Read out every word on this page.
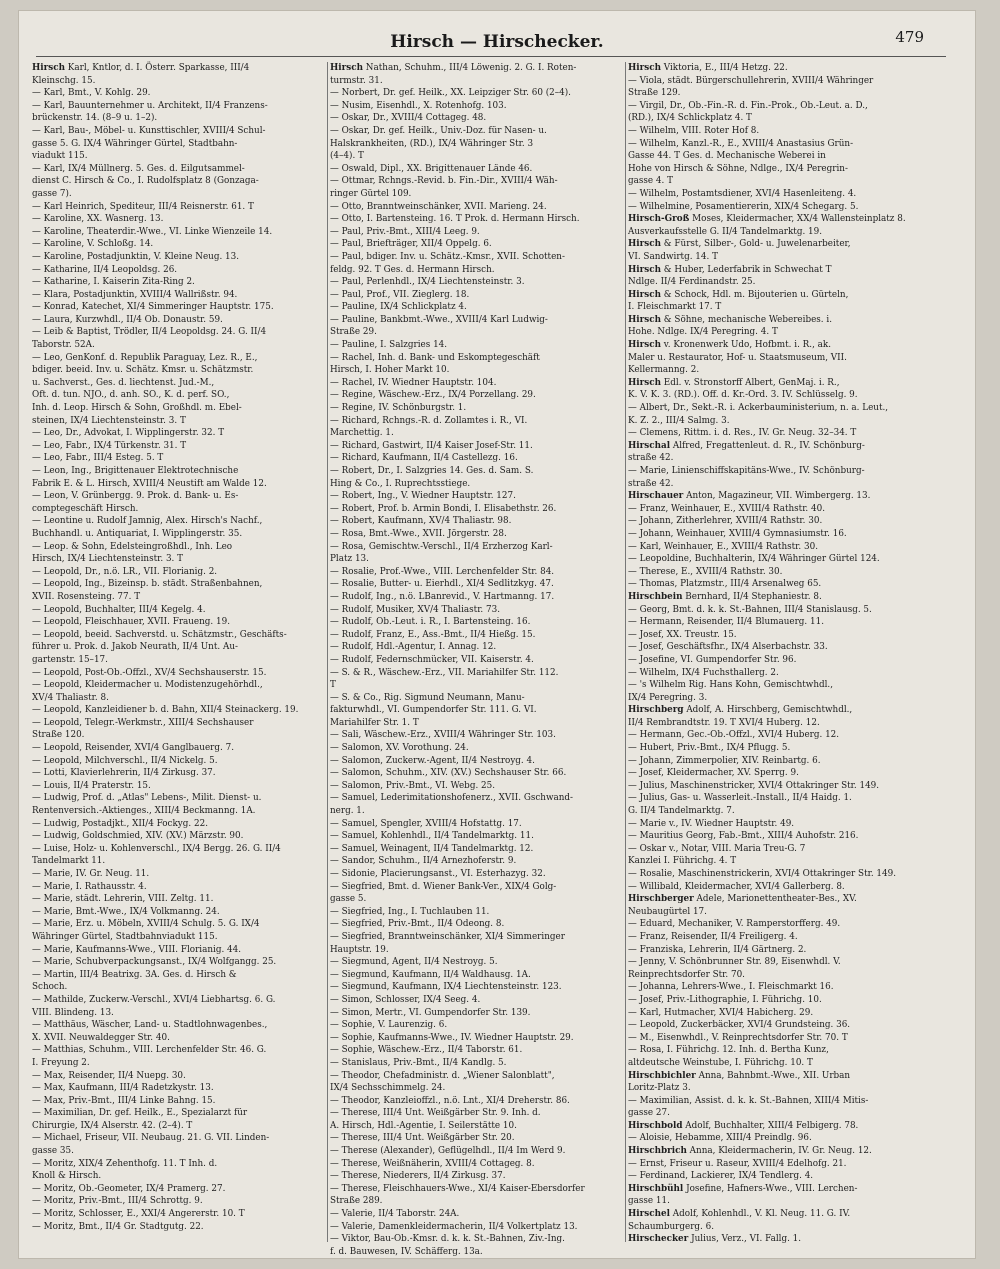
Hirsch — Hirschecker.	479

Hirsch Karl, Kntlor, d. I. Österr. Sparkasse, III/4

Kleinschg. 15.

— Karl, Bmt., V. Kohlg. 29.

— Karl, Bauunternehmer u. Architekt, II/4 Franzens-

brückenstr. 14. (8–9 u. 1–2).

— Karl, Bau-, Möbel- u. Kunsttischler, XVIII/4 Schul-

gasse 5. G. IX/4 Währinger Gürtel, Stadtbahn-

viadukt 115.

— Karl, IX/4 Müllnerg. 5. Ges. d. Eilgutsammel-

dienst C. Hirsch & Co., I. Rudolfsplatz 8 (Gonzaga-

gasse 7).

— Karl Heinrich, Spediteur, III/4 Reisnerstr. 61. T

— Karoline, XX. Wasnerg. 13.

— Karoline, Theaterdir.-Wwe., VI. Linke Wienzeile 14.

— Karoline, V. Schloßg. 14.

— Karoline, Postadjunktin, V. Kleine Neug. 13.

— Katharine, II/4 Leopoldsg. 26.

— Katharine, I. Kaiserin Zita-Ring 2.

— Klara, Postadjunktin, XVIII/4 Wallrißstr. 94.

— Konrad, Katechet, XI/4 Simmeringer Hauptstr. 175.

— Laura, Kurzwhdl., II/4 Ob. Donaustr. 59.

— Leib & Baptist, Trödler, II/4 Leopoldsg. 24. G. II/4

Taborstr. 52A.

— Leo, GenKonf. d. Republik Paraguay, Lez. R., E.,

bdiger. beeid. Inv. u. Schätz. Kmsr. u. Schätzmstr.

u. Sachverst., Ges. d. liechtenst. Jud.-M.,

Oft. d. tun. NJO., d. anh. SO., K. d. perf. SO.,

Inh. d. Leop. Hirsch & Sohn, Großhdl. m. Ebel-

steinen, IX/4 Liechtensteinstr. 3. T

— Leo, Dr., Advokat, I. Wipplingerstr. 32. T

— Leo, Fabr., IX/4 Türkenstr. 31. T

— Leo, Fabr., III/4 Esteg. 5. T

— Leon, Ing., Brigittenauer Elektrotechnische

Fabrik E. & L. Hirsch, XVIII/4 Neustift am Walde 12.

— Leon, V. Grünbergg. 9. Prok. d. Bank- u. Es-

comptegeschäft Hirsch.

— Leontine u. Rudolf Jamnig, Alex. Hirsch's Nachf.,

Buchhandl. u. Antiquariat, I. Wipplingerstr. 35.

— Leop. & Sohn, Edelsteingroßhdl., Inh. Leo

Hirsch, IX/4 Liechtensteinstr. 3. T

— Leopold, Dr., n.ö. LR., VII. Florianig. 2.

— Leopold, Ing., Bizeinsp. b. städt. Straßenbahnen,

XVII. Rosensteing. 77. T

— Leopold, Buchhalter, III/4 Kegelg. 4.

— Leopold, Fleischhauer, XVII. Fraueng. 19.

— Leopold, beeid. Sachverstd. u. Schätzmstr., Geschäfts-

führer u. Prok. d. Jakob Neurath, II/4 Unt. Au-

gartenstr. 15–17.

— Leopold, Post-Ob.-Offzl., XV/4 Sechshauserstr. 15.

— Leopold, Kleidermacher u. Modistenzugehörhdl.,

XV/4 Thaliastr. 8.

— Leopold, Kanzleidiener b. d. Bahn, XII/4 Steinackerg. 19.

— Leopold, Telegr.-Werkmstr., XIII/4 Sechshauser

Straße 120.

— Leopold, Reisender, XVI/4 Ganglbauerg. 7.

— Leopold, Milchverschl., II/4 Nickelg. 5.

— Lotti, Klavierlehrerin, II/4 Zirkusg. 37.

— Louis, II/4 Praterstr. 15.

— Ludwig, Prof. d. „Atlas" Lebens-, Milit. Dienst- u.

Rentenversich.-Aktienges., XIII/4 Beckmanng. 1A.

— Ludwig, Postadjkt., XII/4 Fockyg. 22.

— Ludwig, Goldschmied, XIV. (XV.) Märzstr. 90.

— Luise, Holz- u. Kohlenverschl., IX/4 Bergg. 26. G. II/4

Tandelmarkt 11.

— Marie, IV. Gr. Neug. 11.

— Marie, I. Rathausstr. 4.

— Marie, städt. Lehrerin, VIII. Zeltg. 11.

— Marie, Bmt.-Wwe., IX/4 Volkmanng. 24.

— Marie, Erz. u. Möbeln, XVIII/4 Schulg. 5. G. IX/4

Währinger Gürtel, Stadtbahnviadukt 115.

— Marie, Kaufmanns-Wwe., VIII. Florianig. 44.

— Marie, Schubverpackungsanst., IX/4 Wolfgangg. 25.

— Martin, III/4 Beatrixg. 3A. Ges. d. Hirsch &

Schoch.

— Mathilde, Zuckerw.-Verschl., XVI/4 Liebhartsg. 6. G.

VIII. Blindeng. 13.

— Matthäus, Wäscher, Land- u. Stadtlohnwagenbes.,

X. XVII. Neuwaldegger Str. 40.

— Matthias, Schuhm., VIII. Lerchenfelder Str. 46. G.

I. Freyung 2.

— Max, Reisender, II/4 Nuepg. 30.

— Max, Kaufmann, III/4 Radetzkystr. 13.

— Max, Priv.-Bmt., III/4 Linke Bahng. 15.

— Maximilian, Dr. gef. Heilk., E., Spezialarzt für

Chirurgie, IX/4 Alserstr. 42. (2–4). T

— Michael, Friseur, VII. Neubaug. 21. G. VII. Linden-

gasse 35.

— Moritz, XIX/4 Zehenthofg. 11. T Inh. d.

Knoll & Hirsch.

— Moritz, Ob.-Geometer, IX/4 Pramerg. 27.

— Moritz, Priv.-Bmt., III/4 Schrottg. 9.

— Moritz, Schlosser, E., XXI/4 Angererstr. 10. T

— Moritz, Bmt., II/4 Gr. Stadtgutg. 22.

Hirsch Nathan, Schuhm., III/4 Löwenig. 2. G. I. Roten-

turmstr. 31.

— Norbert, Dr. gef. Heilk., XX. Leipziger Str. 60 (2–4).

— Nusim, Eisenhdl., X. Rotenhofg. 103.

— Oskar, Dr., XVIII/4 Cottageg. 48.

— Oskar, Dr. gef. Heilk., Univ.-Doz. für Nasen- u.

Halskrankheiten, (RD.), IX/4 Währinger Str. 3

(4–4). T

— Oswald, Dipl., XX. Brigittenauer Lände 46.

— Ottmar, Rchngs.-Revid. b. Fin.-Dir., XVIII/4 Wäh-

ringer Gürtel 109.

— Otto, Branntweinschänker, XVII. Marieng. 24.

— Otto, I. Bartensteing. 16. T Prok. d. Hermann Hirsch.

— Paul, Priv.-Bmt., XIII/4 Leeg. 9.

— Paul, Briefträger, XII/4 Oppelg. 6.

— Paul, bdiger. Inv. u. Schätz.-Kmsr., XVII. Schotten-

feldg. 92. T Ges. d. Hermann Hirsch.

— Paul, Perlenhdl., IX/4 Liechtensteinstr. 3.

— Paul, Prof., VII. Zieglerg. 18.

— Pauline, IX/4 Schlickplatz 4.

— Pauline, Bankbmt.-Wwe., XVIII/4 Karl Ludwig-

Straße 29.

— Pauline, I. Salzgries 14.

— Rachel, Inh. d. Bank- und Eskomptegeschäft

Hirsch, I. Hoher Markt 10.

— Rachel, IV. Wiedner Hauptstr. 104.

— Regine, Wäschew.-Erz., IX/4 Porzellang. 29.

— Regine, IV. Schönburgstr. 1.

— Richard, Rchngs.-R. d. Zollamtes i. R., VI.

Marchettig. 1.

— Richard, Gastwirt, II/4 Kaiser Josef-Str. 11.

— Richard, Kaufmann, II/4 Castellezg. 16.

— Robert, Dr., I. Salzgries 14. Ges. d. Sam. S.

Hing & Co., I. Ruprechtsstiege.

— Robert, Ing., V. Wiedner Hauptstr. 127.

— Robert, Prof. b. Armin Bondi, I. Elisabethstr. 26.

— Robert, Kaufmann, XV/4 Thaliastr. 98.

— Rosa, Bmt.-Wwe., XVII. Jörgerstr. 28.

— Rosa, Gemischtw.-Verschl., II/4 Erzherzog Karl-

Platz 13.

— Rosalie, Prof.-Wwe., VIII. Lerchenfelder Str. 84.

— Rosalie, Butter- u. Eierhdl., XI/4 Sedlitzkyg. 47.

— Rudolf, Ing., n.ö. LBanrevid., V. Hartmanng. 17.

— Rudolf, Musiker, XV/4 Thaliastr. 73.

— Rudolf, Ob.-Leut. i. R., I. Bartensteing. 16.

— Rudolf, Franz, E., Ass.-Bmt., II/4 Hießg. 15.

— Rudolf, Hdl.-Agentur, I. Annag. 12.

— Rudolf, Federnschmücker, VII. Kaiserstr. 4.

— S. & R., Wäschew.-Erz., VII. Mariahilfer Str. 112.

T

— S. & Co., Rig. Sigmund Neumann, Manu-

fakturwhdl., VI. Gumpendorfer Str. 111. G. VI.

Mariahilfer Str. 1. T

— Sali, Wäschew.-Erz., XVIII/4 Währinger Str. 103.

— Salomon, XV. Vorothung. 24.

— Salomon, Zuckerw.-Agent, II/4 Nestroyg. 4.

— Salomon, Schuhm., XIV. (XV.) Sechshauser Str. 66.

— Salomon, Priv.-Bmt., VI. Webg. 25.

— Samuel, Lederimitationshofenerz., XVII. Gschwand-

nerg. 1.

— Samuel, Spengler, XVIII/4 Hofstattg. 17.

— Samuel, Kohlenhdl., II/4 Tandelmarktg. 11.

— Samuel, Weinagent, II/4 Tandelmarktg. 12.

— Sandor, Schuhm., II/4 Arnezhoferstr. 9.

— Sidonie, Placierungsanst., VI. Esterhazyg. 32.

— Siegfried, Bmt. d. Wiener Bank-Ver., XIX/4 Golg-

gasse 5.

— Siegfried, Ing., I. Tuchlauben 11.

— Siegfried, Priv.-Bmt., II/4 Odeong. 8.

— Siegfried, Branntweinschänker, XI/4 Simmeringer

Hauptstr. 19.

— Siegmund, Agent, II/4 Nestroyg. 5.

— Siegmund, Kaufmann, II/4 Waldhausg. 1A.

— Siegmund, Kaufmann, IX/4 Liechtensteinstr. 123.

— Simon, Schlosser, IX/4 Seeg. 4.

— Simon, Mertr., VI. Gumpendorfer Str. 139.

— Sophie, V. Laurenzig. 6.

— Sophie, Kaufmanns-Wwe., IV. Wiedner Hauptstr. 29.

— Sophie, Wäschew.-Erz., II/4 Taborstr. 61.

— Stanislaus, Priv.-Bmt., II/4 Kandlg. 5.

— Theodor, Chefadministr. d. „Wiener Salonblatt",

IX/4 Sechsschimmelg. 24.

— Theodor, Kanzleioffzl., n.ö. Lnt., XI/4 Dreherstr. 86.

— Therese, III/4 Unt. Weißgärber Str. 9. Inh. d.

A. Hirsch, Hdl.-Agentie, I. Seilerstätte 10.

— Therese, III/4 Unt. Weißgärber Str. 20.

— Therese (Alexander), Geflügelhdl., II/4 Im Werd 9.

— Therese, Weißnäherin, XVIII/4 Cottageg. 8.

— Therese, Niederers, II/4 Zirkusg. 37.

— Therese, Fleischhauers-Wwe., XI/4 Kaiser-Ebersdorfer

Straße 289.

— Valerie, II/4 Taborstr. 24A.

— Valerie, Damenkleidermacherin, II/4 Volkertplatz 13.

— Viktor, Bau-Ob.-Kmsr. d. k. k. St.-Bahnen, Ziv.-Ing.

f. d. Bauwesen, IV. Schäfferg. 13a.

Hirsch Viktoria, E., III/4 Hetzg. 22.

— Viola, städt. Bürgerschullehrerin, XVIII/4 Währinger

Straße 129.

— Virgil, Dr., Ob.-Fin.-R. d. Fin.-Prok., Ob.-Leut. a. D.,

(RD.), IX/4 Schlickplatz 4. T

— Wilhelm, VIII. Roter Hof 8.

— Wilhelm, Kanzl.-R., E., XVIII/4 Anastasius Grün-

Gasse 44. T Ges. d. Mechanische Weberei in

Hohe von Hirsch & Söhne, Ndlge., IX/4 Peregrin-

gasse 4. T

— Wilhelm, Postamtsdiener, XVI/4 Hasenleiteng. 4.

— Wilhelmine, Posamentiererin, XIX/4 Schegarg. 5.

Hirsch-Groß Moses, Kleidermacher, XX/4 Wallensteinplatz 8.

Ausverkaufsstelle G. II/4 Tandelmarktg. 19.

Hirsch & Fürst, Silber-, Gold- u. Juwelenarbeiter,

VI. Sandwirtg. 14. T

Hirsch & Huber, Lederfabrik in Schwechat T

Ndlge. II/4 Ferdinandstr. 25.

Hirsch & Schock, Hdl. m. Bijouterien u. Gürteln,

I. Fleischmarkt 17. T

Hirsch & Söhne, mechanische Webereibes. i.

Hohe. Ndlge. IX/4 Peregring. 4. T

Hirsch v. Kronenwerk Udo, Hofbmt. i. R., ak.

Maler u. Restaurator, Hof- u. Staatsmuseum, VII.

Kellermanng. 2.

Hirsch Edl. v. Stronstorff Albert, GenMaj. i. R.,

K. V. K. 3. (RD.). Off. d. Kr.-Ord. 3. IV. Schlüsselg. 9.

— Albert, Dr., Sekt.-R. i. Ackerbauministerium, n. a. Leut.,

K. Z. 2., III/4 Salmg. 3.

— Clemens, Rittm. i. d. Res., IV. Gr. Neug. 32–34. T

Hirschal Alfred, Fregattenleut. d. R., IV. Schönburg-

straße 42.

— Marie, Linienschiffskapitäns-Wwe., IV. Schönburg-

straße 42.

Hirschauer Anton, Magazineur, VII. Wimbergerg. 13.

— Franz, Weinhauer, E., XVIII/4 Rathstr. 40.

— Johann, Zitherlehrer, XVIII/4 Rathstr. 30.

— Johann, Weinhauer, XVIII/4 Gymnasiumstr. 16.

— Karl, Weinhauer, E., XVIII/4 Rathstr. 30.

— Leopoldine, Buchhalterin, IX/4 Währinger Gürtel 124.

— Therese, E., XVIII/4 Rathstr. 30.

— Thomas, Platzmstr., III/4 Arsenalweg 65.

Hirschbein Bernhard, II/4 Stephaniestr. 8.

— Georg, Bmt. d. k. k. St.-Bahnen, III/4 Stanislausg. 5.

— Hermann, Reisender, II/4 Blumauerg. 11.

— Josef, XX. Treustr. 15.

— Josef, Geschäftsfhr., IX/4 Alserbachstr. 33.

— Josefine, VI. Gumpendorfer Str. 96.

— Wilhelm, IX/4 Fuchsthallerg. 2.

— 's Wilhelm Rig. Hans Kohn, Gemischtwhdl.,

IX/4 Peregring. 3.

Hirschberg Adolf, A. Hirschberg, Gemischtwhdl.,

II/4 Rembrandtstr. 19. T XVI/4 Huberg. 12.

— Hermann, Gec.-Ob.-Offzl., XVI/4 Huberg. 12.

— Hubert, Priv.-Bmt., IX/4 Pflugg. 5.

— Johann, Zimmerpolier, XIV. Reinbartg. 6.

— Josef, Kleidermacher, XV. Sperrg. 9.

— Julius, Maschinenstricker, XVI/4 Ottakringer Str. 149.

— Julius, Gas- u. Wasserleit.-Install., II/4 Haidg. 1.

G. II/4 Tandelmarktg. 7.

— Marie v., IV. Wiedner Hauptstr. 49.

— Mauritius Georg, Fab.-Bmt., XIII/4 Auhofstr. 216.

— Oskar v., Notar, VIII. Maria Treu-G. 7

Kanzlei I. Führichg. 4. T

— Rosalie, Maschinenstrickerin, XVI/4 Ottakringer Str. 149.

— Willibald, Kleidermacher, XVI/4 Gallerberg. 8.

Hirschberger Adele, Marionettentheater-Bes., XV.

Neubaugürtel 17.

— Eduard, Mechaniker, V. Ramperstorfferg. 49.

— Franz, Reisender, II/4 Freiligerg. 4.

— Franziska, Lehrerin, II/4 Gärtnerg. 2.

— Jenny, V. Schönbrunner Str. 89, Eisenwhdl. V.

Reinprechtsdorfer Str. 70.

— Johanna, Lehrers-Wwe., I. Fleischmarkt 16.

— Josef, Priv.-Lithographie, I. Führichg. 10.

— Karl, Hutmacher, XVI/4 Habicherg. 29.

— Leopold, Zuckerbäcker, XVI/4 Grundsteing. 36.

— M., Eisenwhdl., V. Reinprechtsdorfer Str. 70. T

— Rosa, I. Führichg. 12. Inh. d. Bertha Kunz,

altdeutsche Weinstube, I. Führichg. 10. T

Hirschbichler Anna, Bahnbmt.-Wwe., XII. Urban

Loritz-Platz 3.

— Maximilian, Assist. d. k. k. St.-Bahnen, XIII/4 Mitis-

gasse 27.

Hirschbold Adolf, Buchhalter, XIII/4 Felbigerg. 78.

— Aloisie, Hebamme, XIII/4 Preindlg. 96.

Hirschbrich Anna, Kleidermacherin, IV. Gr. Neug. 12.

— Ernst, Friseur u. Raseur, XVIII/4 Edelhofg. 21.

— Ferdinand, Lackierer, IX/4 Tendlerg. 4.

Hirschbühl Josefine, Hafners-Wwe., VIII. Lerchen-

gasse 11.

Hirschel Adolf, Kohlenhdl., V. Kl. Neug. 11. G. IV.

Schaumburgerg. 6.

Hirschecker Julius, Verz., VI. Fallg. 1.
